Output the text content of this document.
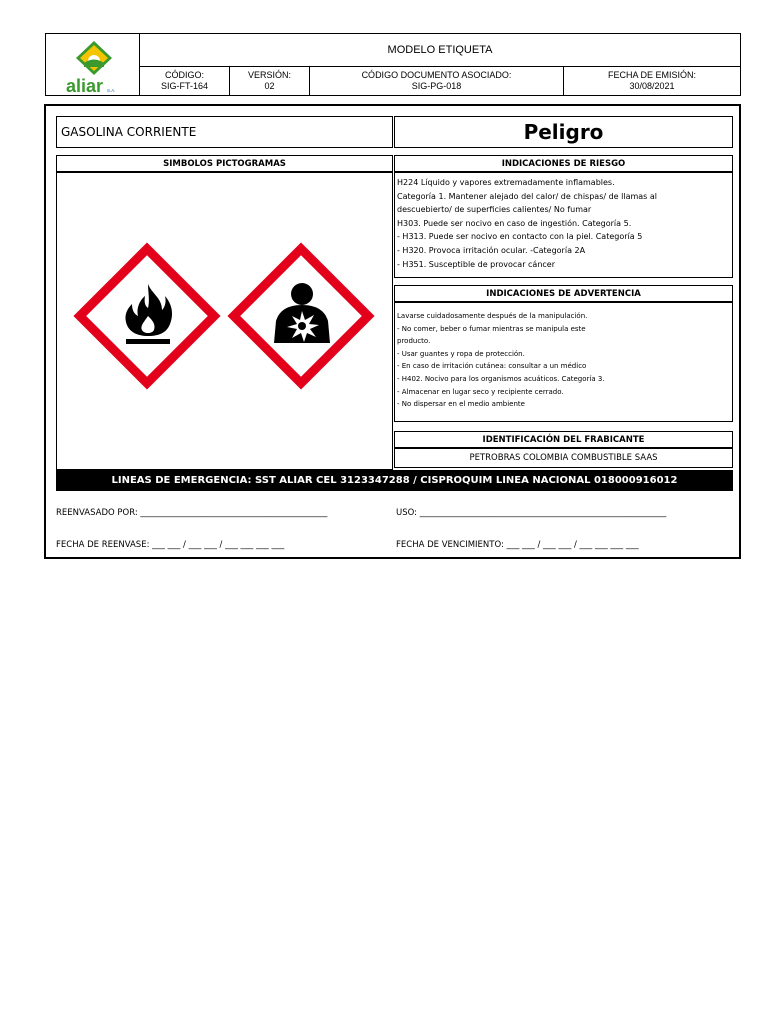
aliar S.A.
MODELO ETIQUETA
CÓDIGO:
SIG-FT-164
VERSIÓN:
02
CÓDIGO DOCUMENTO ASOCIADO:
SIG-PG-018
FECHA DE EMISIÓN:
30/08/2021
GASOLINA CORRIENTE	Peligro
SIMBOLOS PICTOGRAMAS	INDICACIONES DE RIESGO
H224 Líquido y vapores extremadamente inflamables.
Categoría 1. Mantener alejado del calor/ de chispas/ de llamas al
descuebierto/ de superficies calientes/ No fumar
H303. Puede ser nocivo en caso de ingestión. Categoría 5.
- H313. Puede ser nocivo en contacto con la piel. Categoría 5
- H320. Provoca irritación ocular. -Categoría 2A
- H351. Susceptible de provocar cáncer
INDICACIONES DE ADVERTENCIA
Lavarse cuidadosamente después de la manipulación.
- No comer, beber o fumar mientras se manipula este
producto.
- Usar guantes y ropa de protección.
- En caso de irritación cutánea: consultar a un médico
- H402. Nocivo para los organismos acuáticos. Categoría 3.
- Almacenar en lugar seco y recipiente cerrado.
- No dispersar en el medio ambiente
IDENTIFICACIÓN DEL FRABICANTE
PETROBRAS COLOMBIA COMBUSTIBLE SAAS
LINEAS DE EMERGENCIA: SST ALIAR CEL 3123347288 / CISPROQUIM LINEA NACIONAL 018000916012
REENVASADO POR: ____________________________________________	USO: __________________________________________________________
FECHA DE REENVASE: ___ ___ / ___ ___ / ___ ___ ___ ___	FECHA DE VENCIMIENTO: ___ ___ / ___ ___ / ___ ___ ___ ___
